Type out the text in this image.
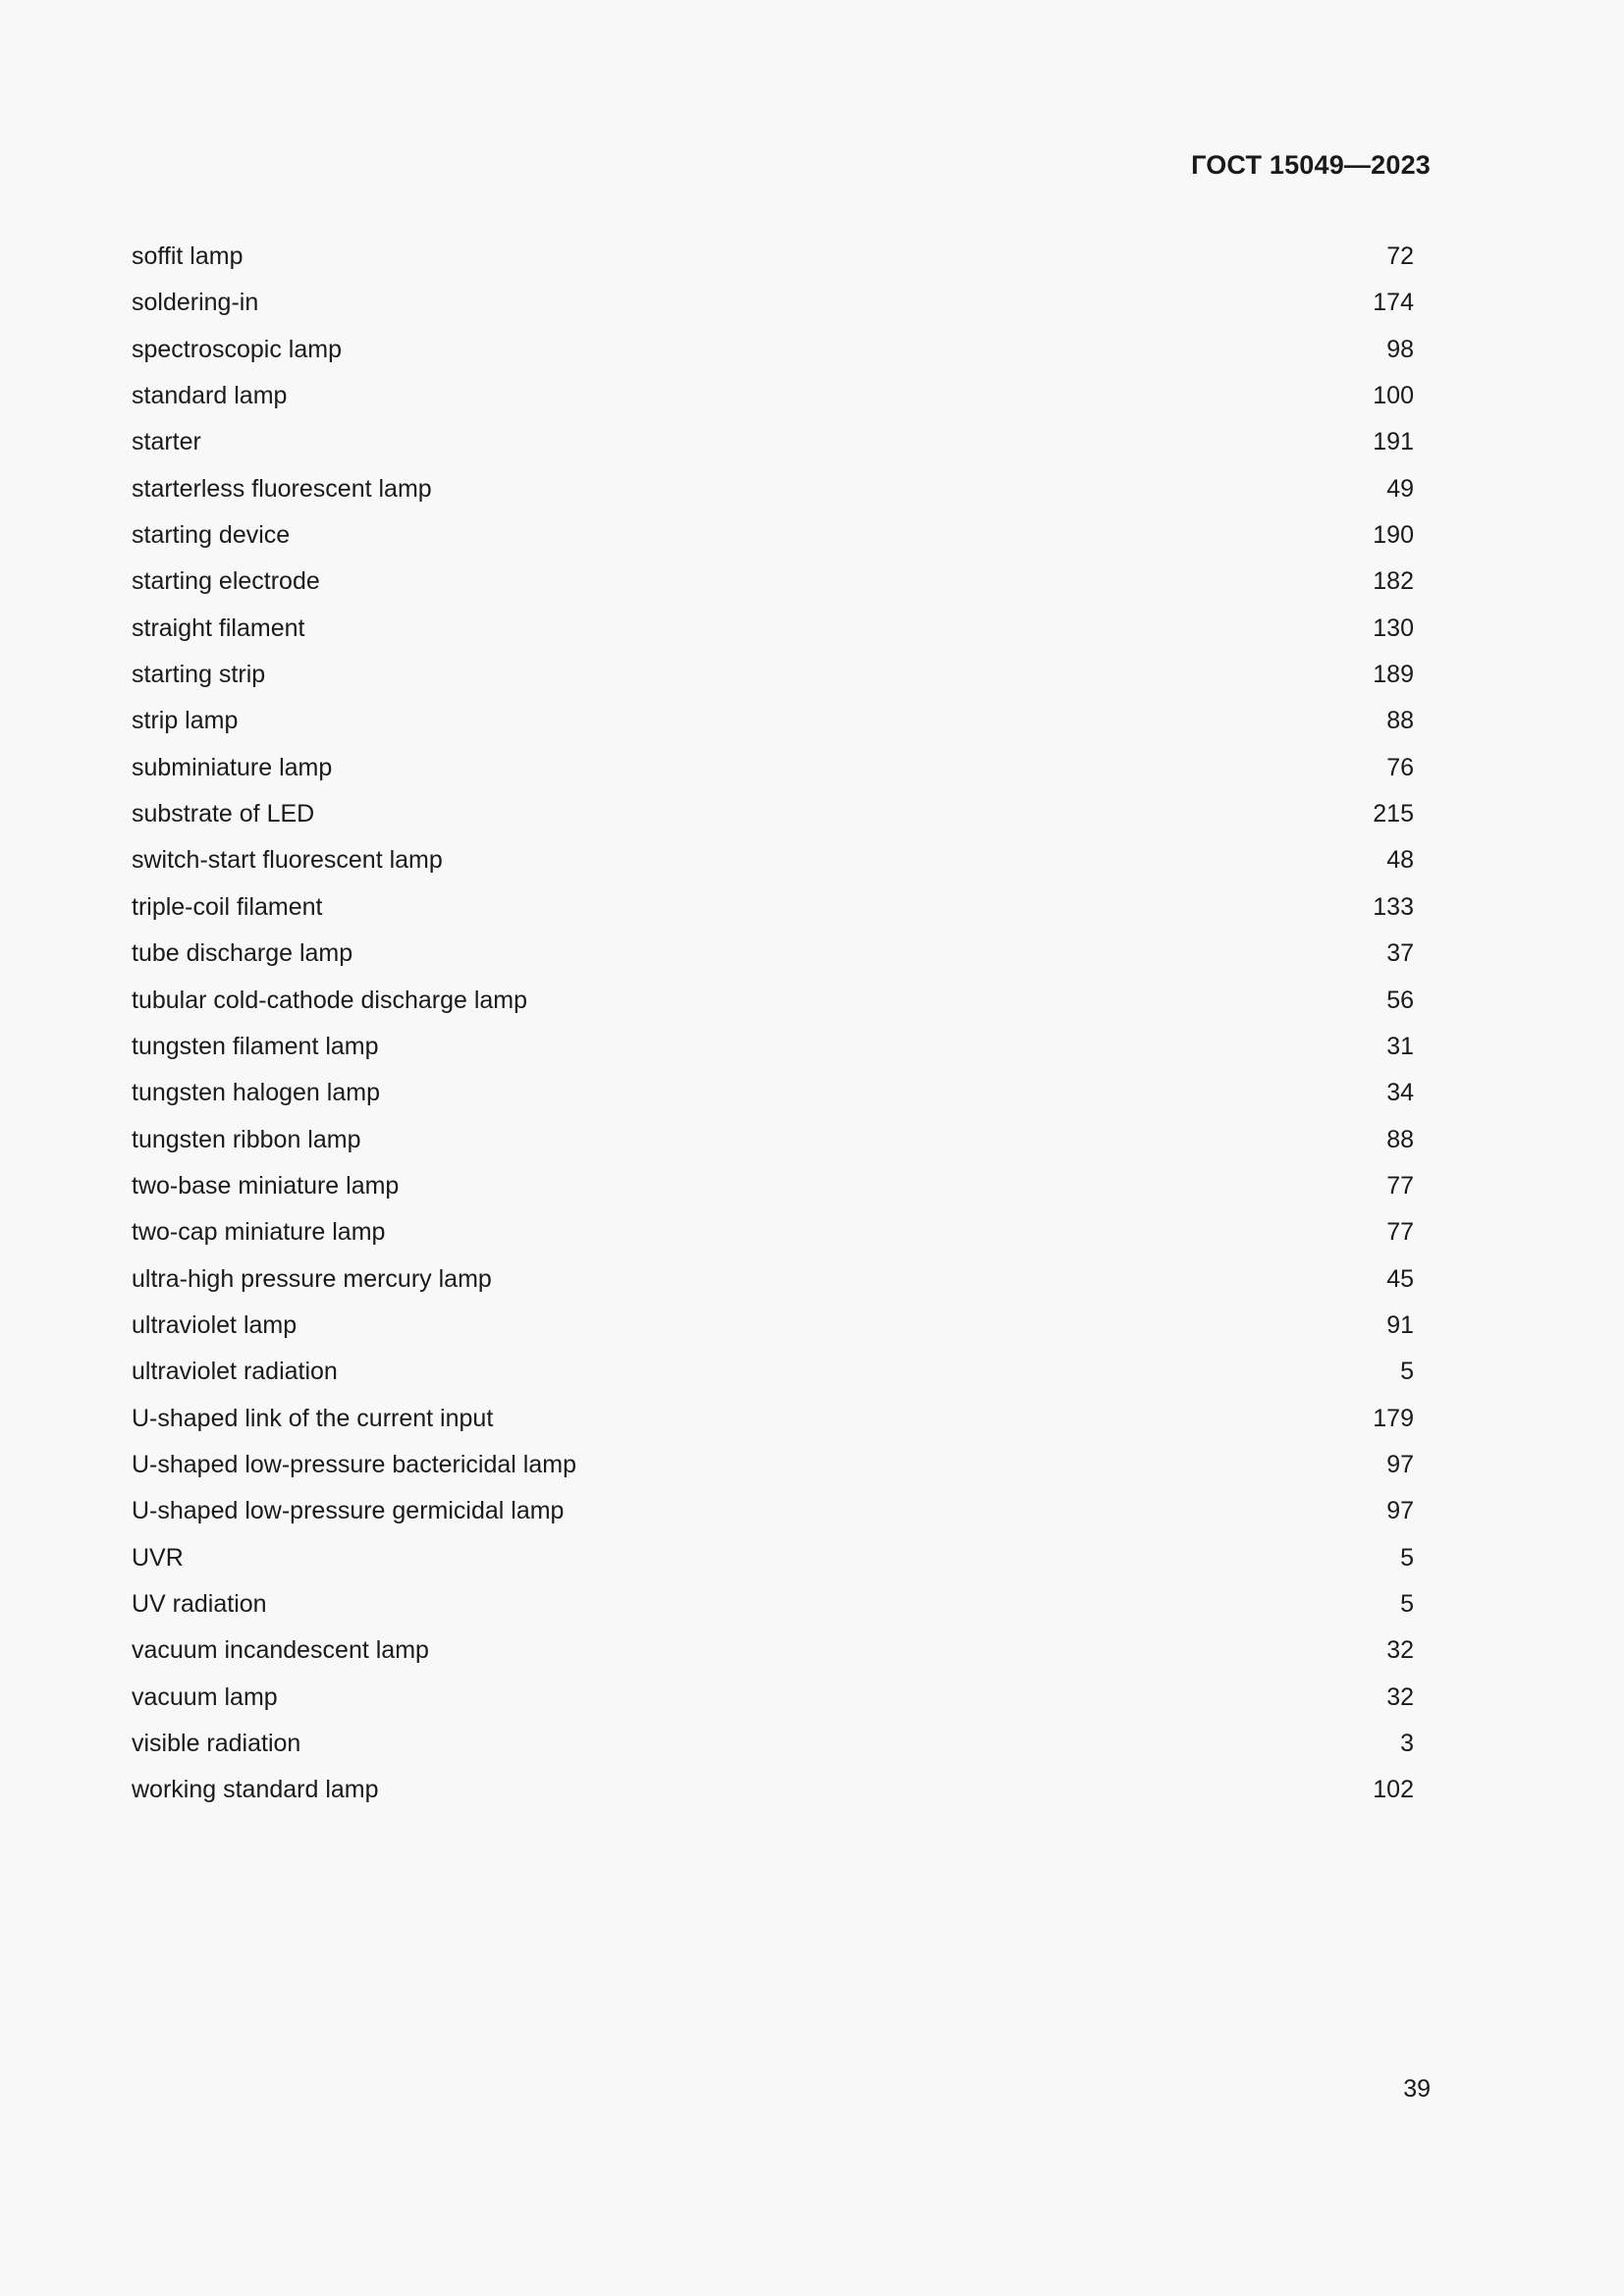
ГОСТ 15049—2023

soffit lamp	72
soldering-in	174
spectroscopic lamp	98
standard lamp	100
starter	191
starterless fluorescent lamp	49
starting device	190
starting electrode	182
straight filament	130
starting strip	189
strip lamp	88
subminiature lamp	76
substrate of LED	215
switch-start fluorescent lamp	48
triple-coil filament	133
tube discharge lamp	37
tubular cold-cathode discharge lamp	56
tungsten filament lamp	31
tungsten halogen lamp	34
tungsten ribbon lamp	88
two-base miniature lamp	77
two-cap miniature lamp	77
ultra-high pressure mercury lamp	45
ultraviolet lamp	91
ultraviolet radiation	5
U-shaped link of the current input	179
U-shaped low-pressure bactericidal lamp	97
U-shaped low-pressure germicidal lamp	97
UVR	5
UV radiation	5
vacuum incandescent lamp	32
vacuum lamp	32
visible radiation	3
working standard lamp	102

39
